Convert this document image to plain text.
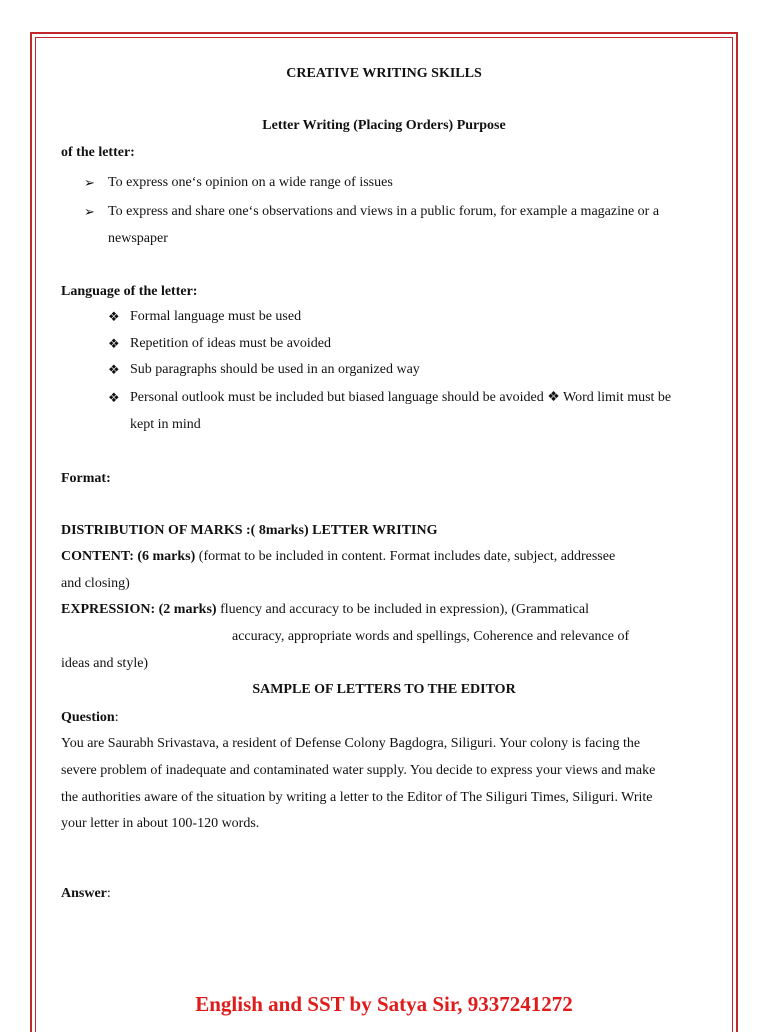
CREATIVE WRITING SKILLS
Letter Writing (Placing Orders) Purpose
of the letter:
➢ To express one‘s opinion on a wide range of issues
➢ To express and share one‘s observations and views in a public forum, for example a magazine or a
newspaper
Language of the letter:
❖ Formal language must be used
❖ Repetition of ideas must be avoided
❖ Sub paragraphs should be used in an organized way
❖ Personal outlook must be included but biased language should be avoided ❖ Word limit must be
kept in mind
Format:
DISTRIBUTION OF MARKS :( 8marks) LETTER WRITING
CONTENT: (6 marks) (format to be included in content. Format includes date, subject, addressee
and closing)
EXPRESSION: (2 marks) fluency and accuracy to be included in expression), (Grammatical
accuracy, appropriate words and spellings, Coherence and relevance of
ideas and style)
SAMPLE OF LETTERS TO THE EDITOR
Question:
You are Saurabh Srivastava, a resident of Defense Colony Bagdogra, Siliguri. Your colony is facing the
severe problem of inadequate and contaminated water supply. You decide to express your views and make
the authorities aware of the situation by writing a letter to the Editor of The Siliguri Times, Siliguri. Write
your letter in about 100-120 words.
Answer:
English and SST by Satya Sir, 9337241272
